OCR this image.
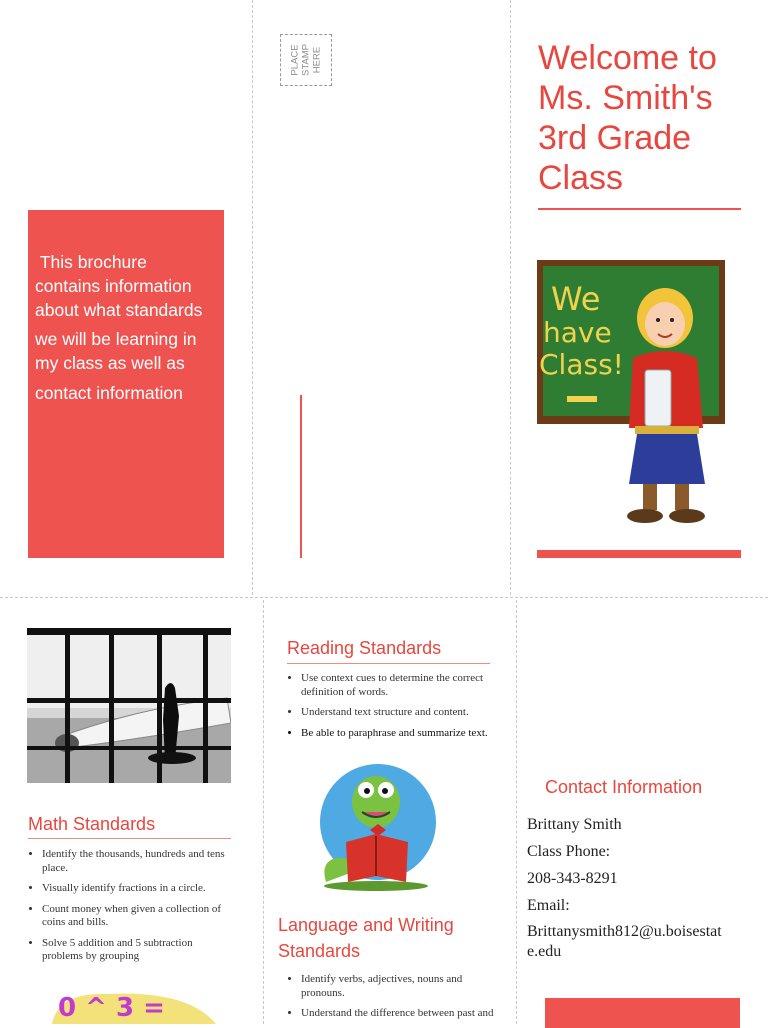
This brochure
contains information
about what standards
we will be learning in
my class as well as
contact information
PLACE STAMP HERE	Welcome to
Ms. Smith's
3rd Grade
Class
We
have
Class!
Math Standards
• Identify the thousands, hundreds and tens place.
• Visually identify fractions in a circle.
• Count money when given a collection of coins and bills.
• Solve 5 addition and 5 subtraction problems by grouping
0 ^ 3 =
Reading Standards
• Use context cues to determine the correct definition of words.
• Understand text structure and content.
• Be able to paraphrase and summarize text.
Language and Writing
Standards
• Identify verbs, adjectives, nouns and pronouns.
• Understand the difference between past and
Contact Information
Brittany Smith
Class Phone:
208-343-8291
Email:
Brittanysmith812@u.boisestat
e.edu
